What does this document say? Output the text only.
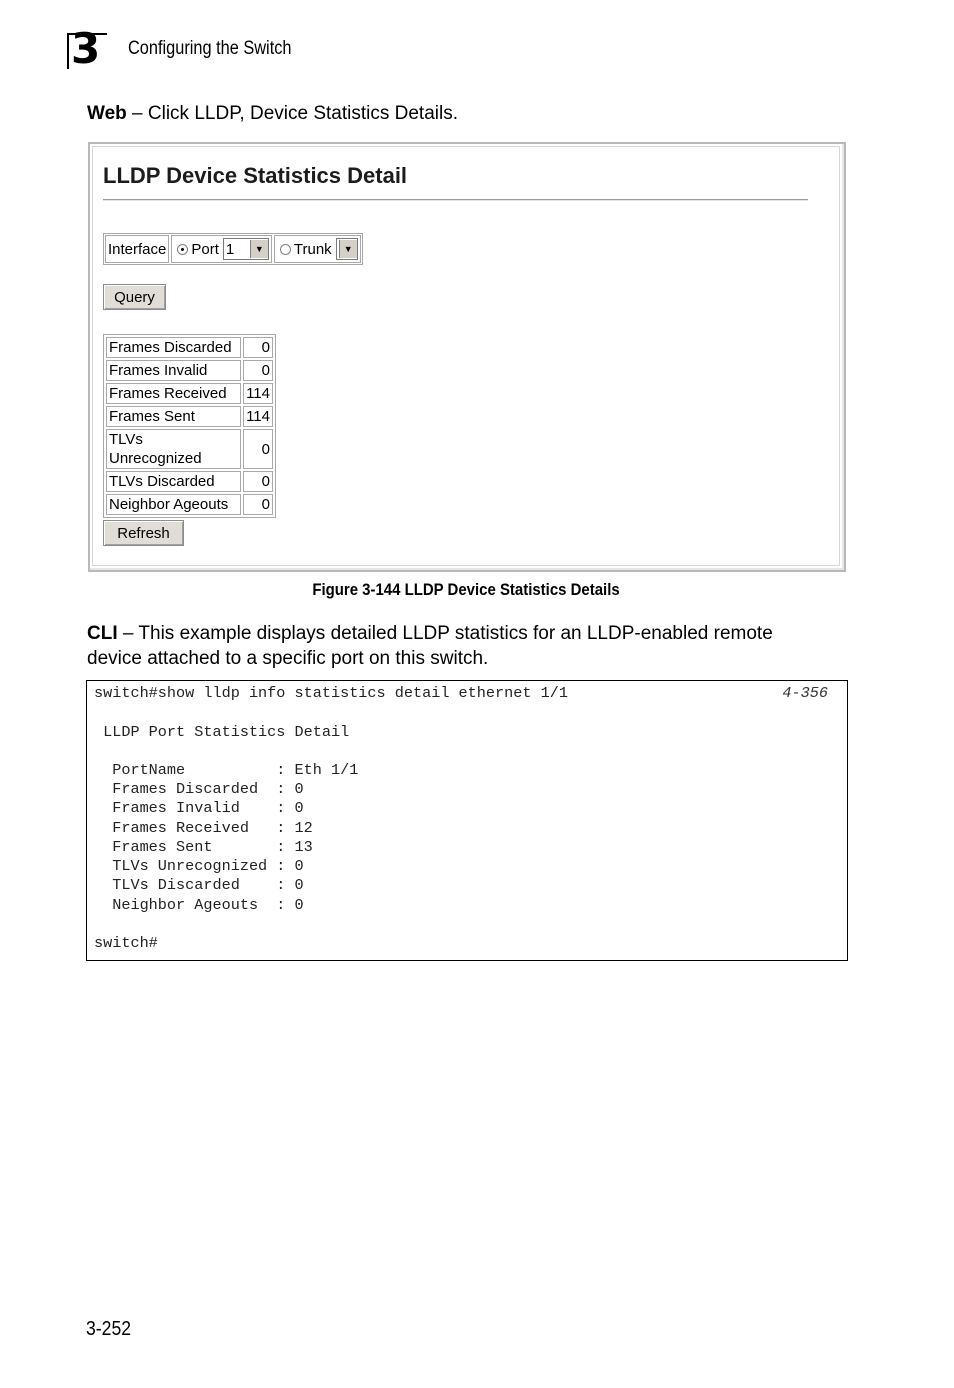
3 Configuring the Switch
Web – Click LLDP, Device Statistics Details.
LLDP Device Statistics Detail
Interface Port 1	▼ Trunk	▼
Query
Frames Discarded	0
Frames Invalid	0
Frames Received	114
Frames Sent	114
TLVs Unrecognized	0
TLVs Discarded	0
Neighbor Ageouts	0
Refresh
Figure 3-144 LLDP Device Statistics Details
CLI – This example displays detailed LLDP statistics for an LLDP-enabled remote
device attached to a specific port on this switch.
switch#show lldp info statistics detail ethernet 1/1	4-356
LLDP Port Statistics Detail
PortName          : Eth 1/1
Frames Discarded  : 0
Frames Invalid    : 0
Frames Received   : 12
Frames Sent       : 13
TLVs Unrecognized : 0
TLVs Discarded    : 0
Neighbor Ageouts  : 0
switch#
3-252
